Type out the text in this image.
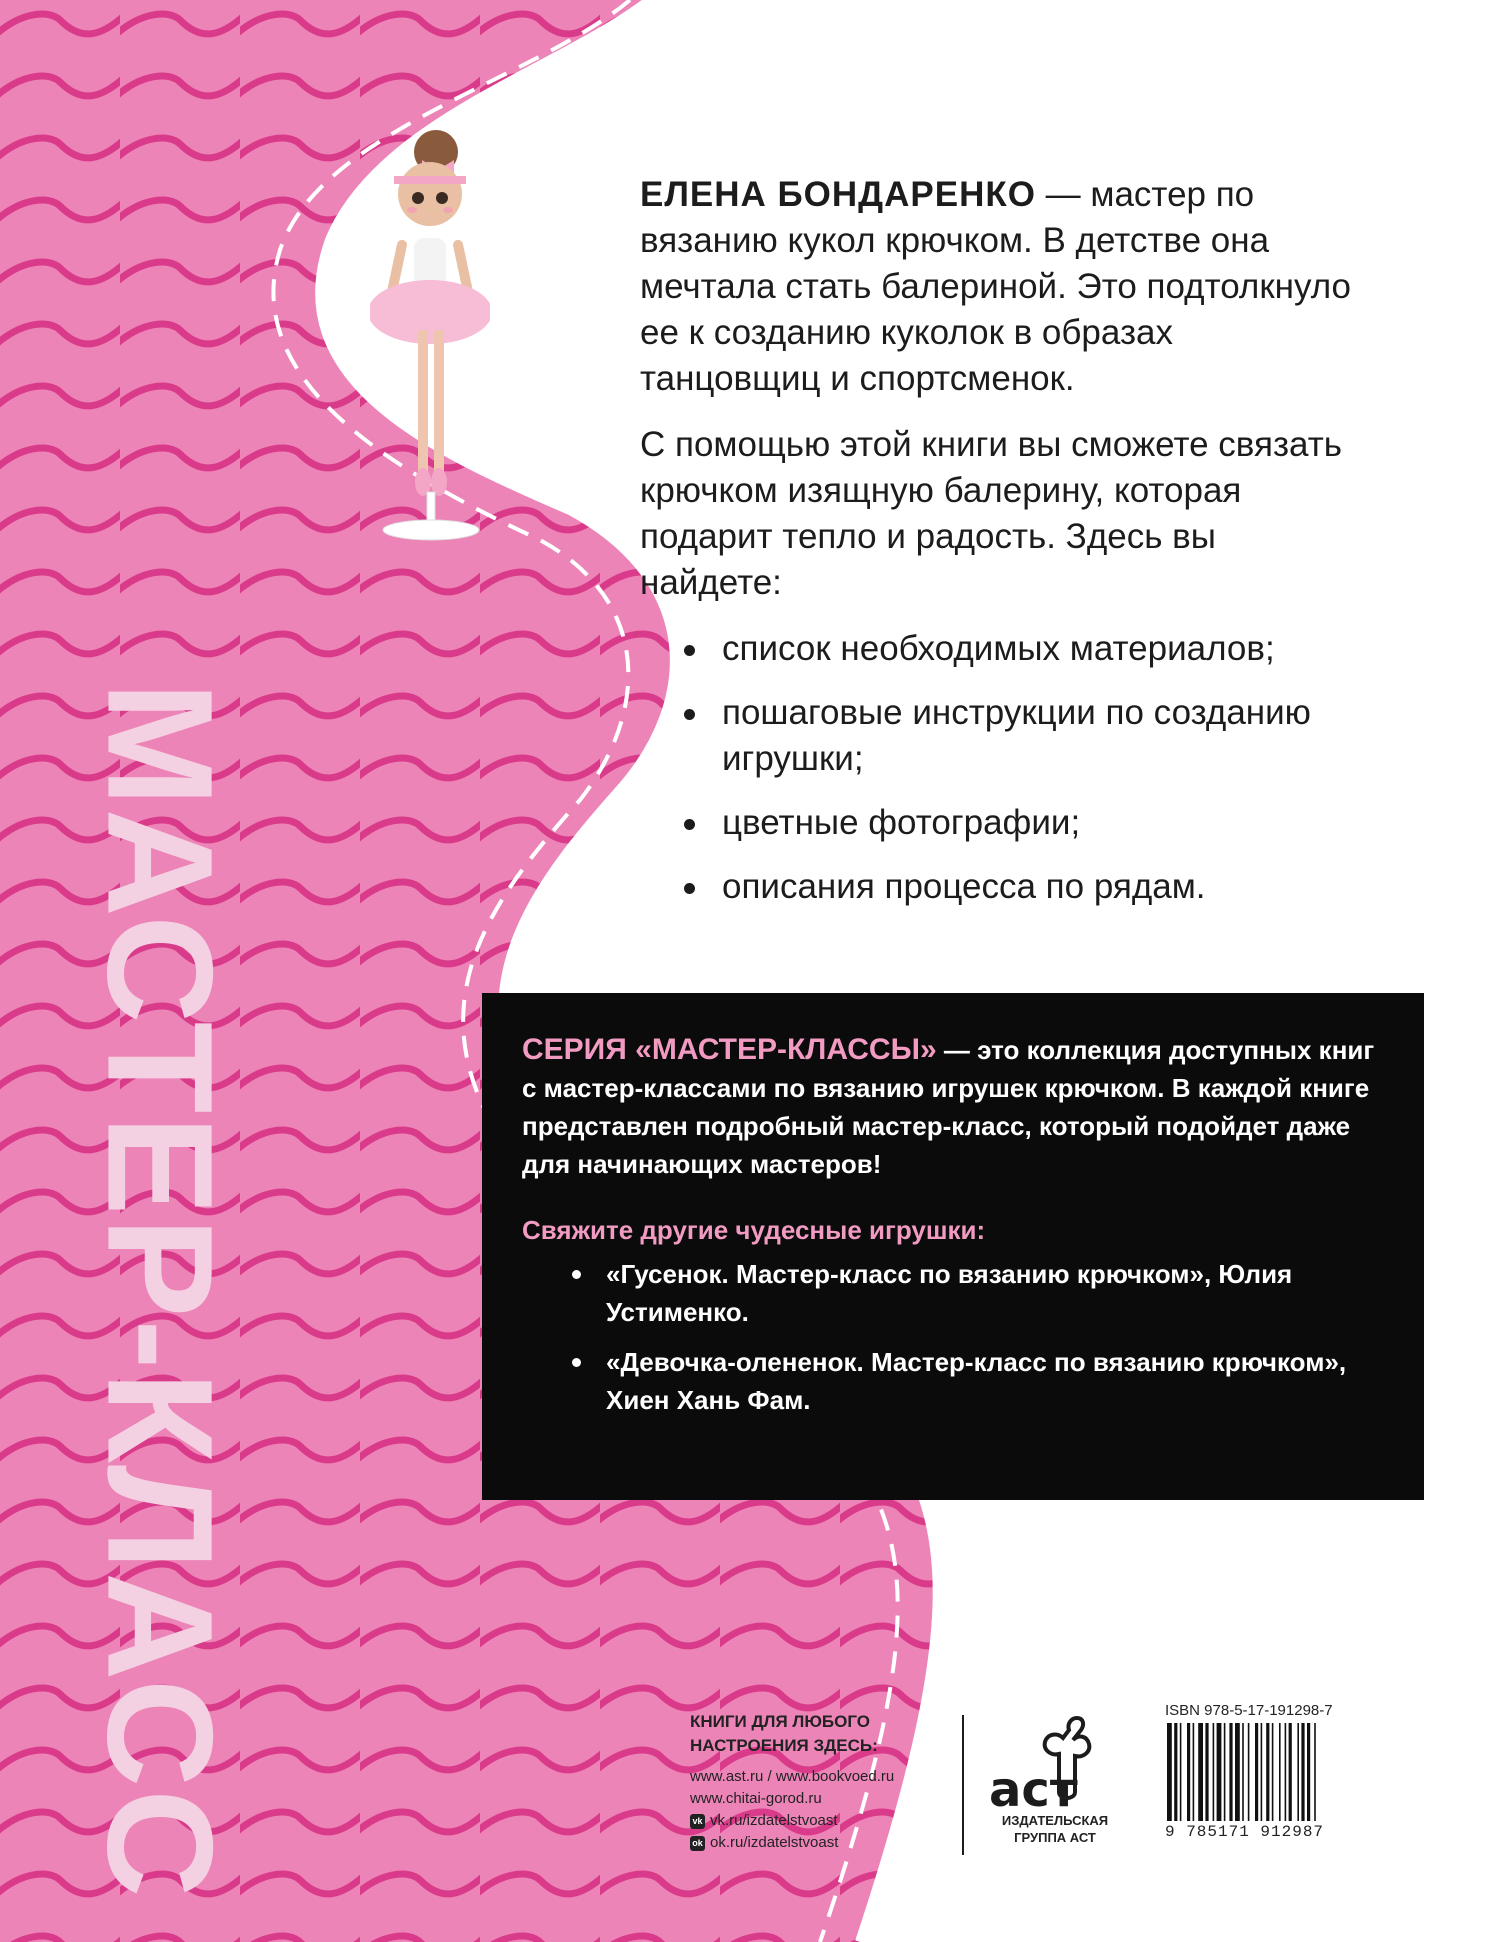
МАСТЕР-КЛАСС

ЕЛЕНА БОНДАРЕНКО — мастер по вязанию кукол крючком. В детстве она мечтала стать балериной. Это подтолкнуло ее к созданию куколок в образах танцовщиц и спортсменок.

С помощью этой книги вы сможете связать крючком изящную балерину, которая подарит тепло и радость. Здесь вы найдете:

список необходимых материалов;
пошаговые инструкции по созданию игрушки;
цветные фотографии;
описания процесса по рядам.

СЕРИЯ «МАСТЕР-КЛАССЫ» — это коллекция доступных книг с мастер-классами по вязанию игрушек крючком. В каждой книге представлен подробный мастер-класс, который подойдет даже для начинающих мастеров!

Свяжите другие чудесные игрушки:

«Гусенок. Мастер-класс по вязанию крючком», Юлия Устименко.
«Девочка-олененок. Мастер-класс по вязанию крючком», Хиен Хань Фам.
КНИГИ ДЛЯ ЛЮБОГО НАСТРОЕНИЯ ЗДЕСЬ:
www.ast.ru / www.bookvoed.ru
www.chitai-gorod.ru
vk vk.ru/izdatelstvoast
ok ok.ru/izdatelstvoast
аст
ИЗДАТЕЛЬСКАЯ ГРУППА АСТ
ISBN 978-5-17-191298-7
9 785171 912987
